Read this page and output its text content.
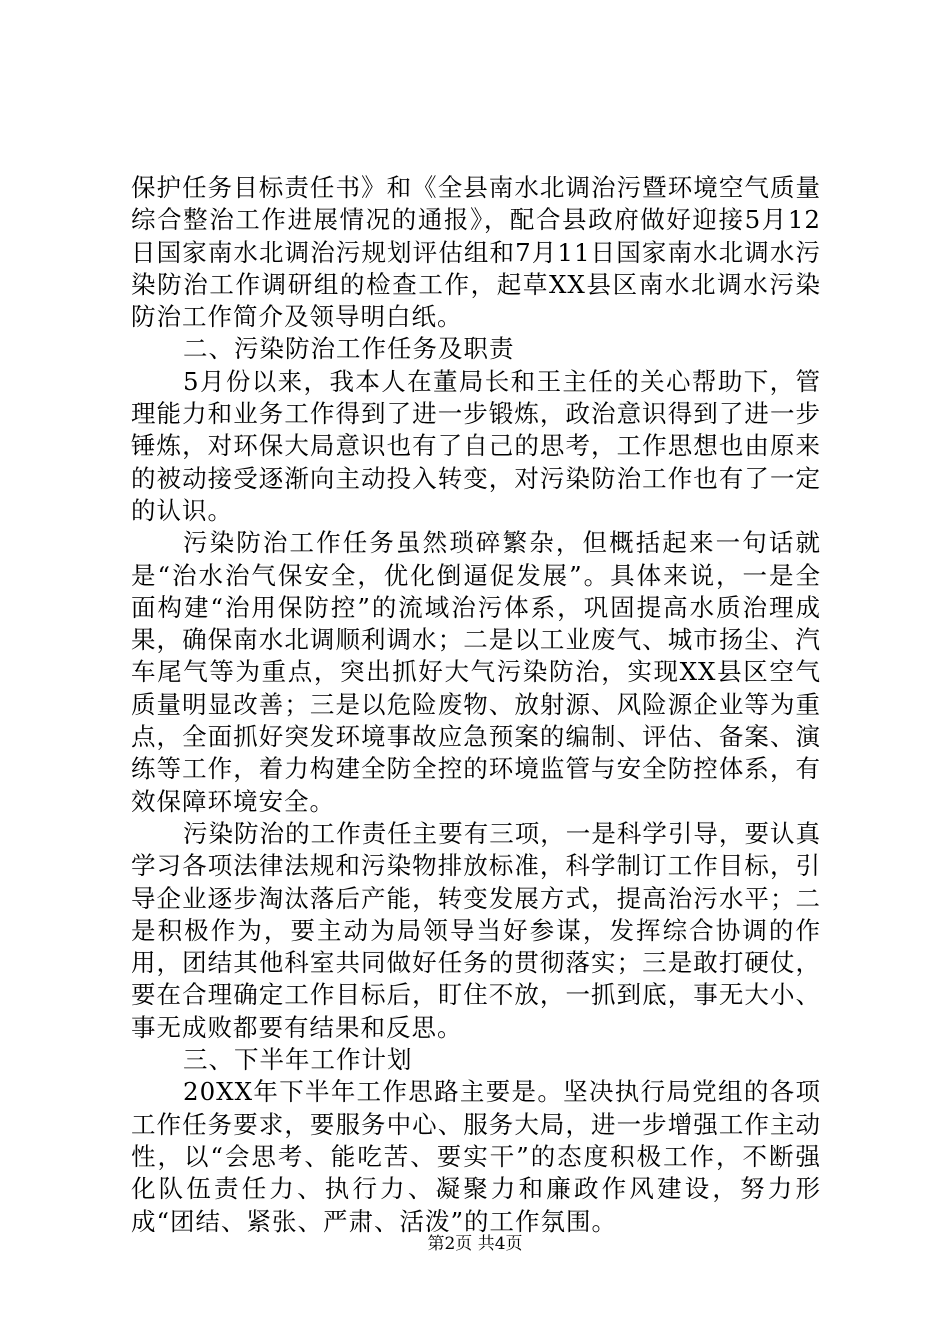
保护任务目标责任书》和《全县南水北调治污暨环境空气质量综合整治工作进展情况的通报》，配合县政府做好迎接5月12日国家南水北调治污规划评估组和7月11日国家南水北调水污染防治工作调研组的检查工作，起草XX县区南水北调水污染防治工作简介及领导明白纸。

二、污染防治工作任务及职责

5月份以来，我本人在董局长和王主任的关心帮助下，管理能力和业务工作得到了进一步锻炼，政治意识得到了进一步锤炼，对环保大局意识也有了自己的思考，工作思想也由原来的被动接受逐渐向主动投入转变，对污染防治工作也有了一定的认识。

污染防治工作任务虽然琐碎繁杂，但概括起来一句话就是“治水治气保安全，优化倒逼促发展”。具体来说，一是全面构建“治用保防控”的流域治污体系，巩固提高水质治理成果，确保南水北调顺利调水；二是以工业废气、城市扬尘、汽车尾气等为重点，突出抓好大气污染防治，实现XX县区空气质量明显改善；三是以危险废物、放射源、风险源企业等为重点，全面抓好突发环境事故应急预案的编制、评估、备案、演练等工作，着力构建全防全控的环境监管与安全防控体系，有效保障环境安全。

污染防治的工作责任主要有三项，一是科学引导，要认真学习各项法律法规和污染物排放标准，科学制订工作目标，引导企业逐步淘汰落后产能，转变发展方式，提高治污水平；二是积极作为，要主动为局领导当好参谋，发挥综合协调的作用，团结其他科室共同做好任务的贯彻落实；三是敢打硬仗，要在合理确定工作目标后，盯住不放，一抓到底，事无大小、事无成败都要有结果和反思。

三、下半年工作计划

20XX年下半年工作思路主要是。坚决执行局党组的各项工作任务要求，要服务中心、服务大局，进一步增强工作主动性，以“会思考、能吃苦、要实干”的态度积极工作，不断强化队伍责任力、执行力、凝聚力和廉政作风建设，努力形成“团结、紧张、严肃、活泼”的工作氛围。

第2页 共4页
